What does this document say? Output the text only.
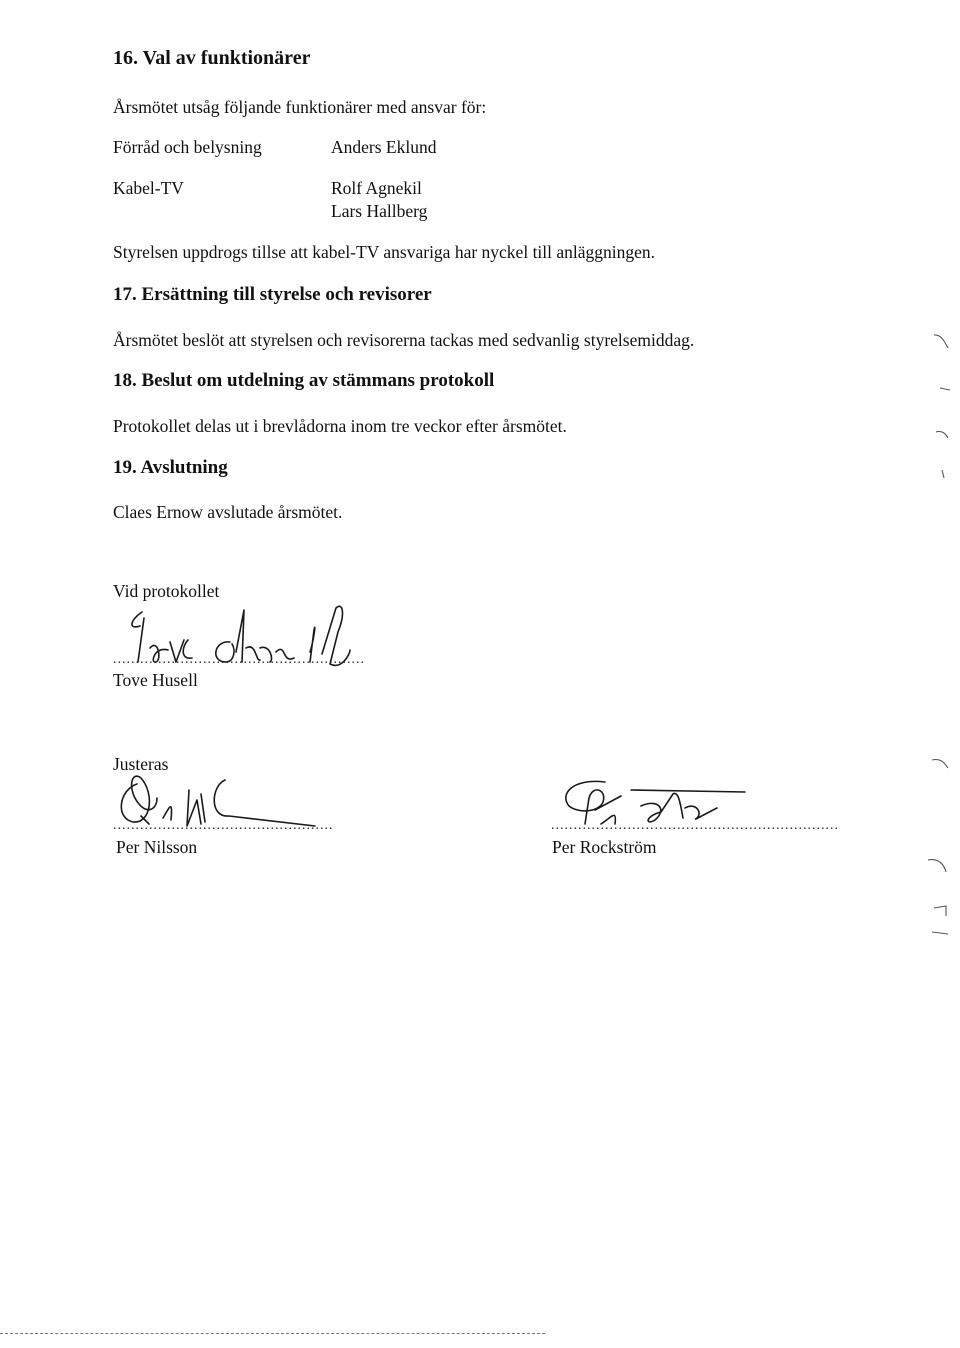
16. Val av funktionärer
Årsmötet utsåg följande funktionärer med ansvar för:
Förråd och belysning	Anders Eklund
Kabel-TV	Rolf Agnekil
Lars Hallberg
Styrelsen uppdrogs tillse att kabel-TV ansvariga har nyckel till anläggningen.
17. Ersättning till styrelse och revisorer
Årsmötet beslöt att styrelsen och revisorerna tackas med sedvanlig styrelsemiddag.
18. Beslut om utdelning av stämmans protokoll
Protokollet delas ut i brevlådorna inom tre veckor efter årsmötet.
19. Avslutning
Claes Ernow avslutade årsmötet.
Vid protokollet
........................................................
Tove Husell
Justeras
.................................................
Per Nilsson
................................................................
Per Rockström
